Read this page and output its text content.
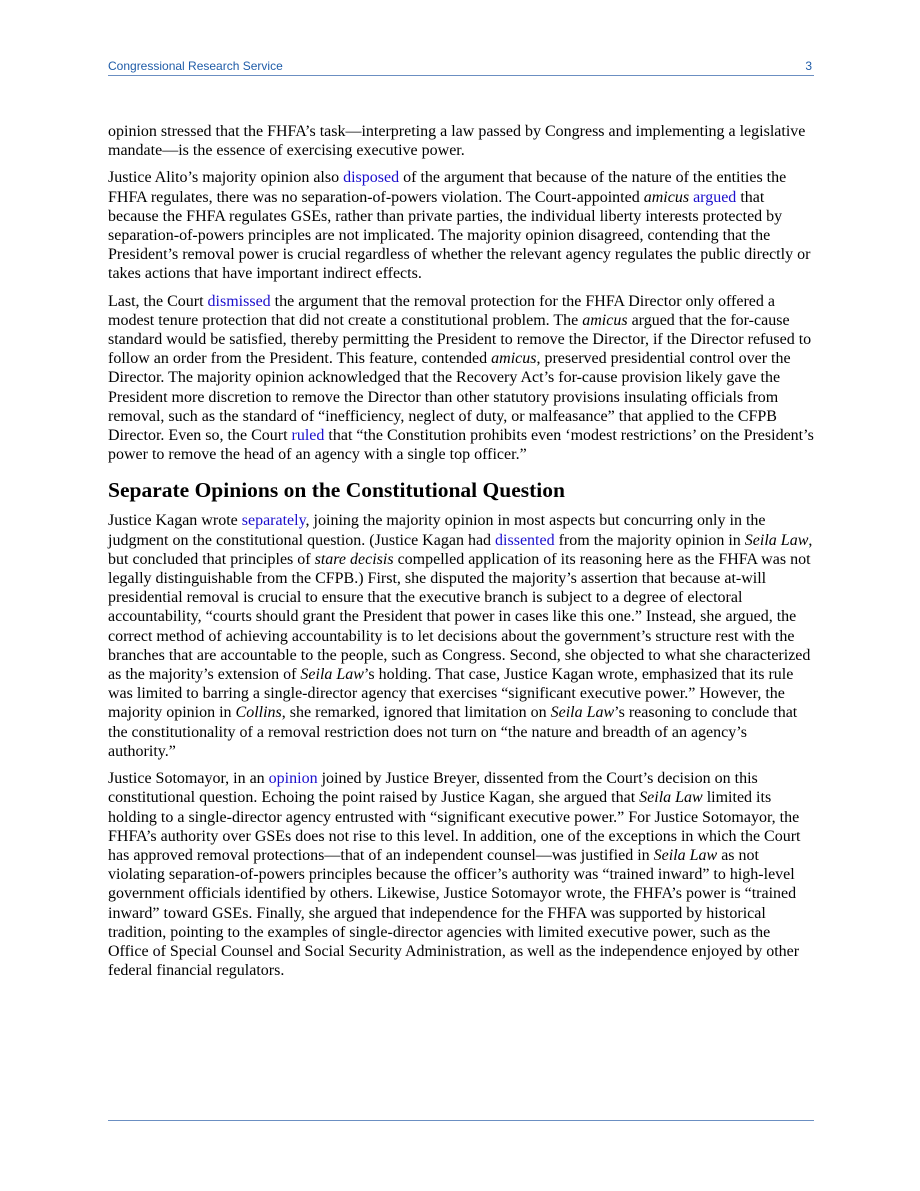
Congressional Research Service	3

opinion stressed that the FHFA’s task—interpreting a law passed by Congress and implementing a legislative mandate—is the essence of exercising executive power.

Justice Alito’s majority opinion also disposed of the argument that because of the nature of the entities the FHFA regulates, there was no separation-of-powers violation. The Court-appointed amicus argued that because the FHFA regulates GSEs, rather than private parties, the individual liberty interests protected by separation-of-powers principles are not implicated. The majority opinion disagreed, contending that the President’s removal power is crucial regardless of whether the relevant agency regulates the public directly or takes actions that have important indirect effects.

Last, the Court dismissed the argument that the removal protection for the FHFA Director only offered a modest tenure protection that did not create a constitutional problem. The amicus argued that the for-cause standard would be satisfied, thereby permitting the President to remove the Director, if the Director refused to follow an order from the President. This feature, contended amicus, preserved presidential control over the Director. The majority opinion acknowledged that the Recovery Act’s for-cause provision likely gave the President more discretion to remove the Director than other statutory provisions insulating officials from removal, such as the standard of “inefficiency, neglect of duty, or malfeasance” that applied to the CFPB Director. Even so, the Court ruled that “the Constitution prohibits even ‘modest restrictions’ on the President’s power to remove the head of an agency with a single top officer.”

Separate Opinions on the Constitutional Question

Justice Kagan wrote separately, joining the majority opinion in most aspects but concurring only in the judgment on the constitutional question. (Justice Kagan had dissented from the majority opinion in Seila Law, but concluded that principles of stare decisis compelled application of its reasoning here as the FHFA was not legally distinguishable from the CFPB.) First, she disputed the majority’s assertion that because at-will presidential removal is crucial to ensure that the executive branch is subject to a degree of electoral accountability, “courts should grant the President that power in cases like this one.” Instead, she argued, the correct method of achieving accountability is to let decisions about the government’s structure rest with the branches that are accountable to the people, such as Congress. Second, she objected to what she characterized as the majority’s extension of Seila Law’s holding. That case, Justice Kagan wrote, emphasized that its rule was limited to barring a single-director agency that exercises “significant executive power.” However, the majority opinion in Collins, she remarked, ignored that limitation on Seila Law’s reasoning to conclude that the constitutionality of a removal restriction does not turn on “the nature and breadth of an agency’s authority.”

Justice Sotomayor, in an opinion joined by Justice Breyer, dissented from the Court’s decision on this constitutional question. Echoing the point raised by Justice Kagan, she argued that Seila Law limited its holding to a single-director agency entrusted with “significant executive power.” For Justice Sotomayor, the FHFA’s authority over GSEs does not rise to this level. In addition, one of the exceptions in which the Court has approved removal protections—that of an independent counsel—was justified in Seila Law as not violating separation-of-powers principles because the officer’s authority was “trained inward” to high-level government officials identified by others. Likewise, Justice Sotomayor wrote, the FHFA’s power is “trained inward” toward GSEs. Finally, she argued that independence for the FHFA was supported by historical tradition, pointing to the examples of single-director agencies with limited executive power, such as the Office of Special Counsel and Social Security Administration, as well as the independence enjoyed by other federal financial regulators.
